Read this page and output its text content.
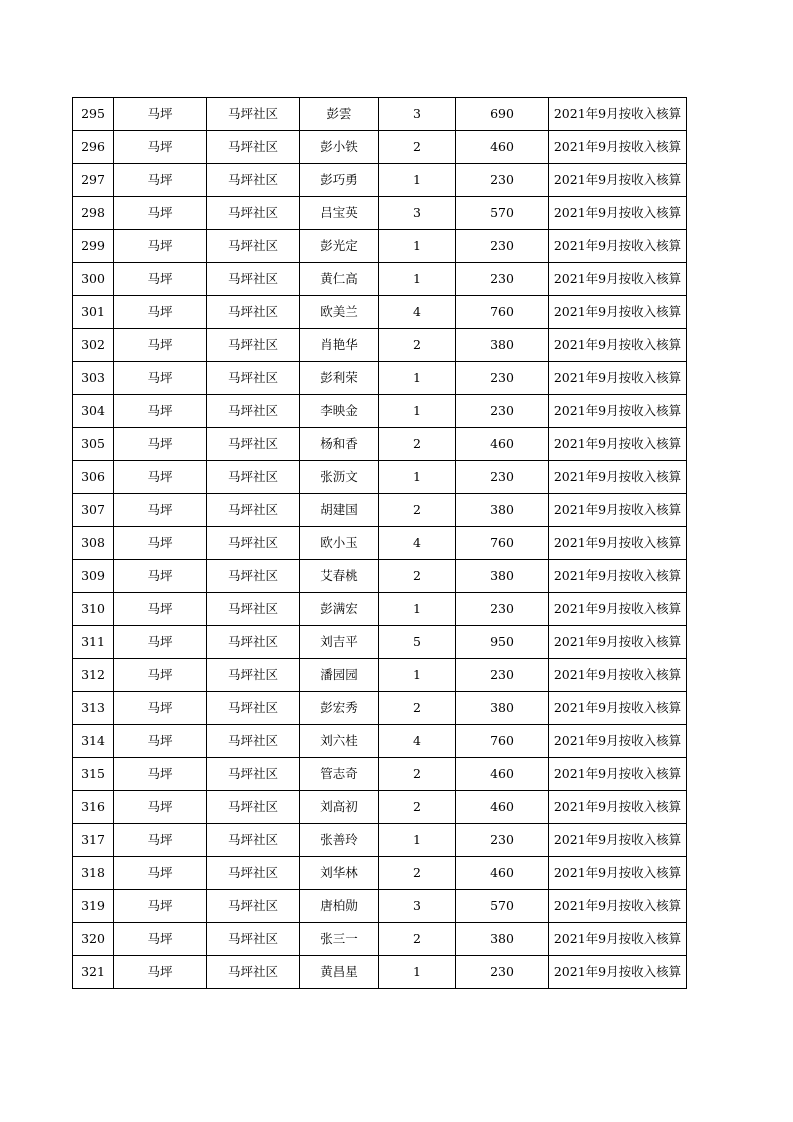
295	马坪	马坪社区	彭雲	3	690	2021年9月按收入核算
296	马坪	马坪社区	彭小铁	2	460	2021年9月按收入核算
297	马坪	马坪社区	彭巧勇	1	230	2021年9月按收入核算
298	马坪	马坪社区	吕宝英	3	570	2021年9月按收入核算
299	马坪	马坪社区	彭光定	1	230	2021年9月按收入核算
300	马坪	马坪社区	黄仁高	1	230	2021年9月按收入核算
301	马坪	马坪社区	欧美兰	4	760	2021年9月按收入核算
302	马坪	马坪社区	肖艳华	2	380	2021年9月按收入核算
303	马坪	马坪社区	彭利荣	1	230	2021年9月按收入核算
304	马坪	马坪社区	李映金	1	230	2021年9月按收入核算
305	马坪	马坪社区	杨和香	2	460	2021年9月按收入核算
306	马坪	马坪社区	张沥文	1	230	2021年9月按收入核算
307	马坪	马坪社区	胡建国	2	380	2021年9月按收入核算
308	马坪	马坪社区	欧小玉	4	760	2021年9月按收入核算
309	马坪	马坪社区	艾春桃	2	380	2021年9月按收入核算
310	马坪	马坪社区	彭满宏	1	230	2021年9月按收入核算
311	马坪	马坪社区	刘吉平	5	950	2021年9月按收入核算
312	马坪	马坪社区	潘园园	1	230	2021年9月按收入核算
313	马坪	马坪社区	彭宏秀	2	380	2021年9月按收入核算
314	马坪	马坪社区	刘六桂	4	760	2021年9月按收入核算
315	马坪	马坪社区	管志奇	2	460	2021年9月按收入核算
316	马坪	马坪社区	刘高初	2	460	2021年9月按收入核算
317	马坪	马坪社区	张善玲	1	230	2021年9月按收入核算
318	马坪	马坪社区	刘华林	2	460	2021年9月按收入核算
319	马坪	马坪社区	唐柏勋	3	570	2021年9月按收入核算
320	马坪	马坪社区	张三一	2	380	2021年9月按收入核算
321	马坪	马坪社区	黄昌星	1	230	2021年9月按收入核算
